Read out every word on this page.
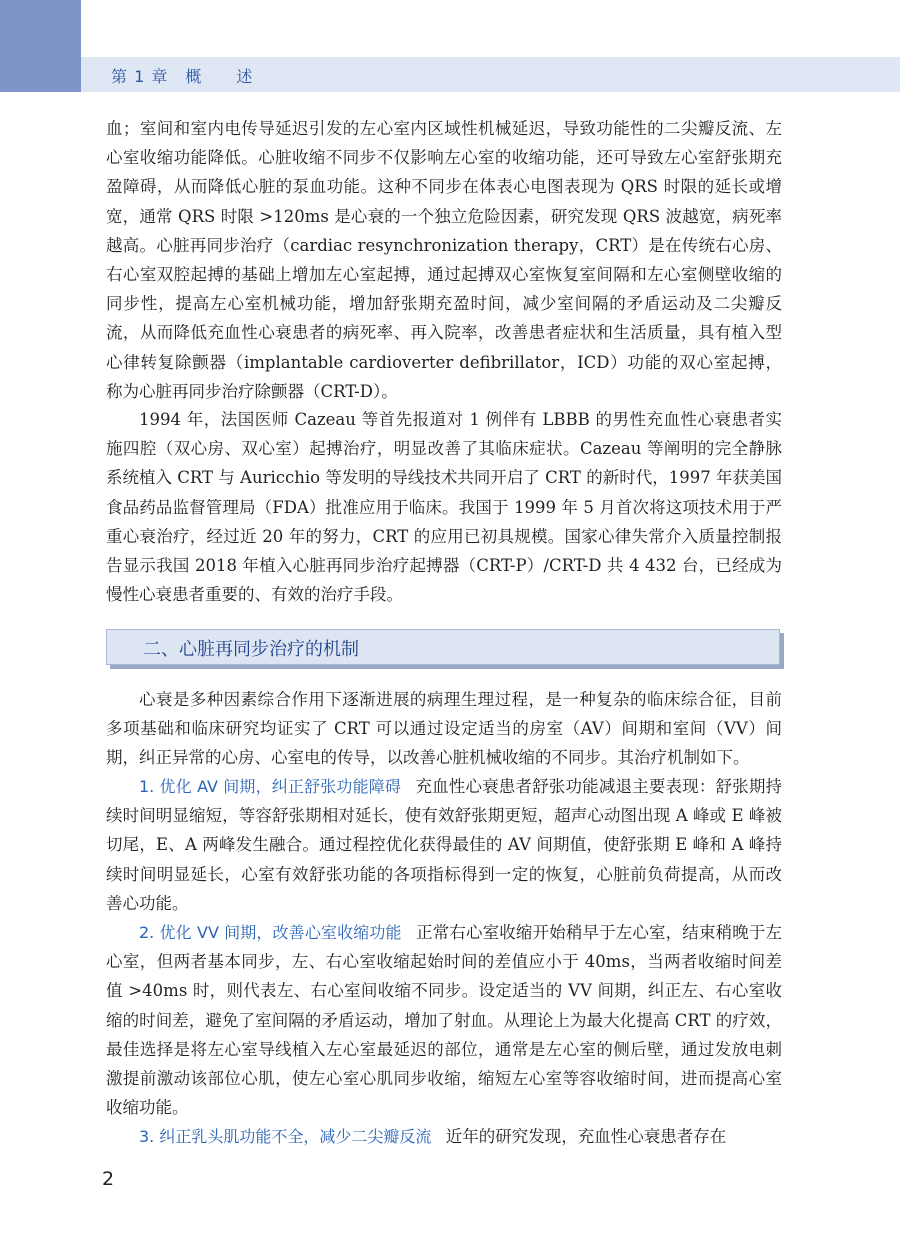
第 1 章　概　　述

血；室间和室内电传导延迟引发的左心室内区域性机械延迟，导致功能性的二尖瓣反流、左心室收缩功能降低。心脏收缩不同步不仅影响左心室的收缩功能，还可导致左心室舒张期充盈障碍，从而降低心脏的泵血功能。这种不同步在体表心电图表现为 QRS 时限的延长或增宽，通常 QRS 时限 >120ms 是心衰的一个独立危险因素，研究发现 QRS 波越宽，病死率越高。心脏再同步治疗（cardiac resynchronization therapy，CRT）是在传统右心房、右心室双腔起搏的基础上增加左心室起搏，通过起搏双心室恢复室间隔和左心室侧壁收缩的同步性，提高左心室机械功能，增加舒张期充盈时间，减少室间隔的矛盾运动及二尖瓣反流，从而降低充血性心衰患者的病死率、再入院率，改善患者症状和生活质量，具有植入型心律转复除颤器（implantable cardioverter defibrillator，ICD）功能的双心室起搏，称为心脏再同步治疗除颤器（CRT-D）。

1994 年，法国医师 Cazeau 等首先报道对 1 例伴有 LBBB 的男性充血性心衰患者实施四腔（双心房、双心室）起搏治疗，明显改善了其临床症状。Cazeau 等阐明的完全静脉系统植入 CRT 与 Auricchio 等发明的导线技术共同开启了 CRT 的新时代，1997 年获美国食品药品监督管理局（FDA）批准应用于临床。我国于 1999 年 5 月首次将这项技术用于严重心衰治疗，经过近 20 年的努力，CRT 的应用已初具规模。国家心律失常介入质量控制报告显示我国 2018 年植入心脏再同步治疗起搏器（CRT-P）/CRT-D 共 4 432 台，已经成为慢性心衰患者重要的、有效的治疗手段。

二、心脏再同步治疗的机制

心衰是多种因素综合作用下逐渐进展的病理生理过程，是一种复杂的临床综合征，目前多项基础和临床研究均证实了 CRT 可以通过设定适当的房室（AV）间期和室间（VV）间期，纠正异常的心房、心室电的传导，以改善心脏机械收缩的不同步。其治疗机制如下。

1. 优化 AV 间期，纠正舒张功能障碍 充血性心衰患者舒张功能减退主要表现：舒张期持续时间明显缩短，等容舒张期相对延长，使有效舒张期更短，超声心动图出现 A 峰或 E 峰被切尾，E、A 两峰发生融合。通过程控优化获得最佳的 AV 间期值，使舒张期 E 峰和 A 峰持续时间明显延长，心室有效舒张功能的各项指标得到一定的恢复，心脏前负荷提高，从而改善心功能。

2. 优化 VV 间期，改善心室收缩功能 正常右心室收缩开始稍早于左心室，结束稍晚于左心室，但两者基本同步，左、右心室收缩起始时间的差值应小于 40ms，当两者收缩时间差值 >40ms 时，则代表左、右心室间收缩不同步。设定适当的 VV 间期，纠正左、右心室收缩的时间差，避免了室间隔的矛盾运动，增加了射血。从理论上为最大化提高 CRT 的疗效，最佳选择是将左心室导线植入左心室最延迟的部位，通常是左心室的侧后壁，通过发放电刺激提前激动该部位心肌，使左心室心肌同步收缩，缩短左心室等容收缩时间，进而提高心室收缩功能。

3. 纠正乳头肌功能不全，减少二尖瓣反流 近年的研究发现，充血性心衰患者存在

2
